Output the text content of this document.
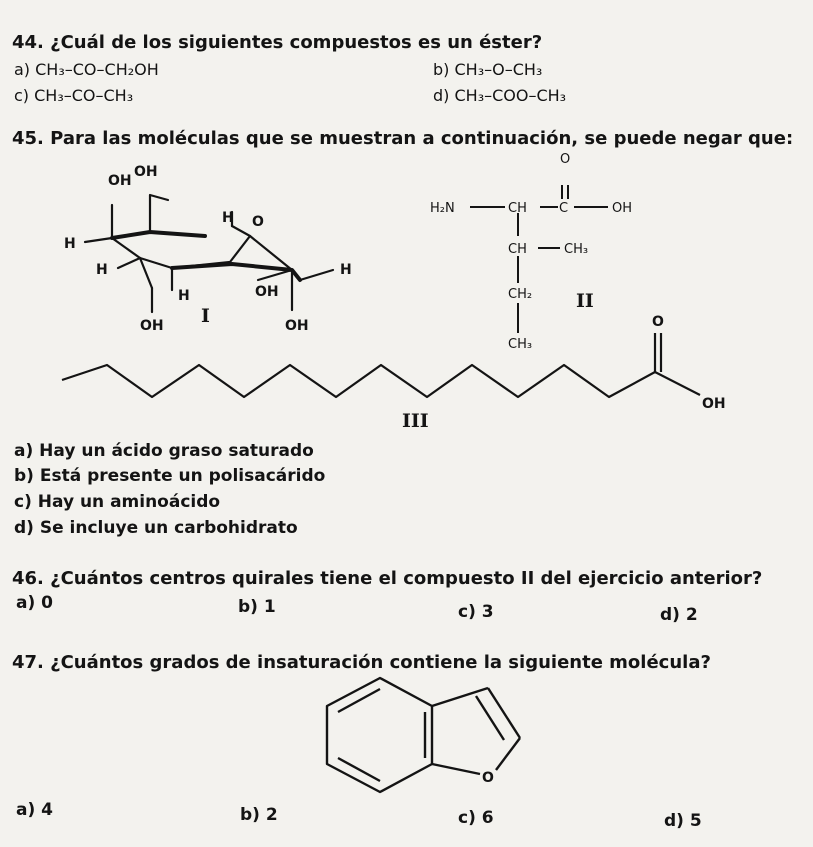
44. ¿Cuál de los siguientes compuestos es un éster?
a) CH₃–CO–CH₂OH	b) CH₃–O–CH₃
c) CH₃–CO–CH₃	d) CH₃–COO–CH₃
45. Para las moléculas que se muestran a continuación, se puede negar que:
OH
OH
H O
H
H	H
OH
H
OH	OH
O
H₂N	CH C	OH
CH	CH₃
CH₂
CH₃
O
OH
O
I
II
III
a) Hay un ácido graso saturado
b) Está presente un polisacárido
c) Hay un aminoácido
d) Se incluye un carbohidrato
46. ¿Cuántos centros quirales tiene el compuesto II del ejercicio anterior?
a) 0	b) 1	c) 3	d) 2
47. ¿Cuántos grados de insaturación contiene la siguiente molécula?
a) 4	b) 2	c) 6	d) 5
